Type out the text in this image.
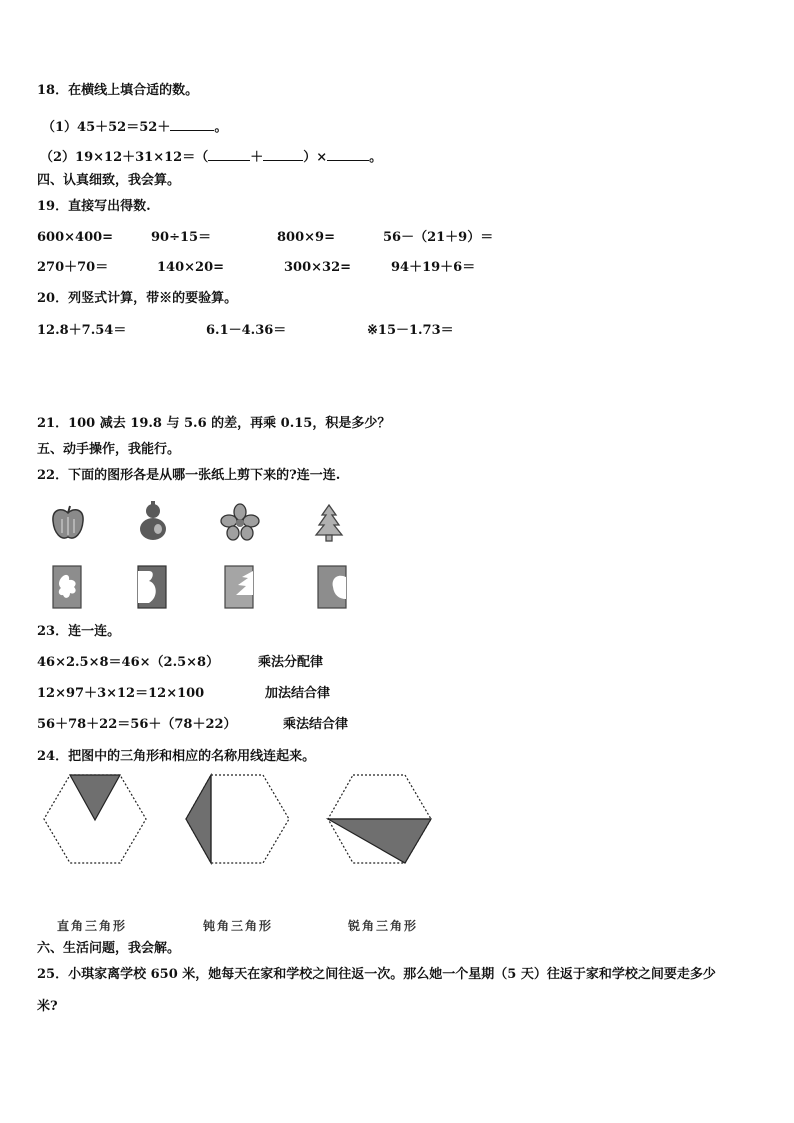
18．在横线上填合适的数。
（1）45＋52＝52＋	。
（2）19×12＋31×12＝（	＋	）×	。
四、认真细致，我会算。
19．直接写出得数.
600×400=	90÷15＝	800×9=	56－（21＋9）＝
270＋70＝	140×20=	300×32=	94＋19＋6＝
20．列竖式计算，带※的要验算。
12.8＋7.54＝	6.1－4.36＝	※15－1.73＝
21．100 减去 19.8 与 5.6 的差，再乘 0.15，积是多少？
五、动手操作，我能行。
22．下面的图形各是从哪一张纸上剪下来的?连一连.
23．连一连。
46×2.5×8＝46×（2.5×8）	乘法分配律
12×97＋3×12＝12×100	加法结合律
56＋78＋22＝56＋（78＋22）	乘法结合律
24．把图中的三角形和相应的名称用线连起来。
直角三角形	钝角三角形	锐角三角形
六、生活问题，我会解。
25．小琪家离学校 650 米，她每天在家和学校之间往返一次。那么她一个星期（5 天）往返于家和学校之间要走多少
米?
